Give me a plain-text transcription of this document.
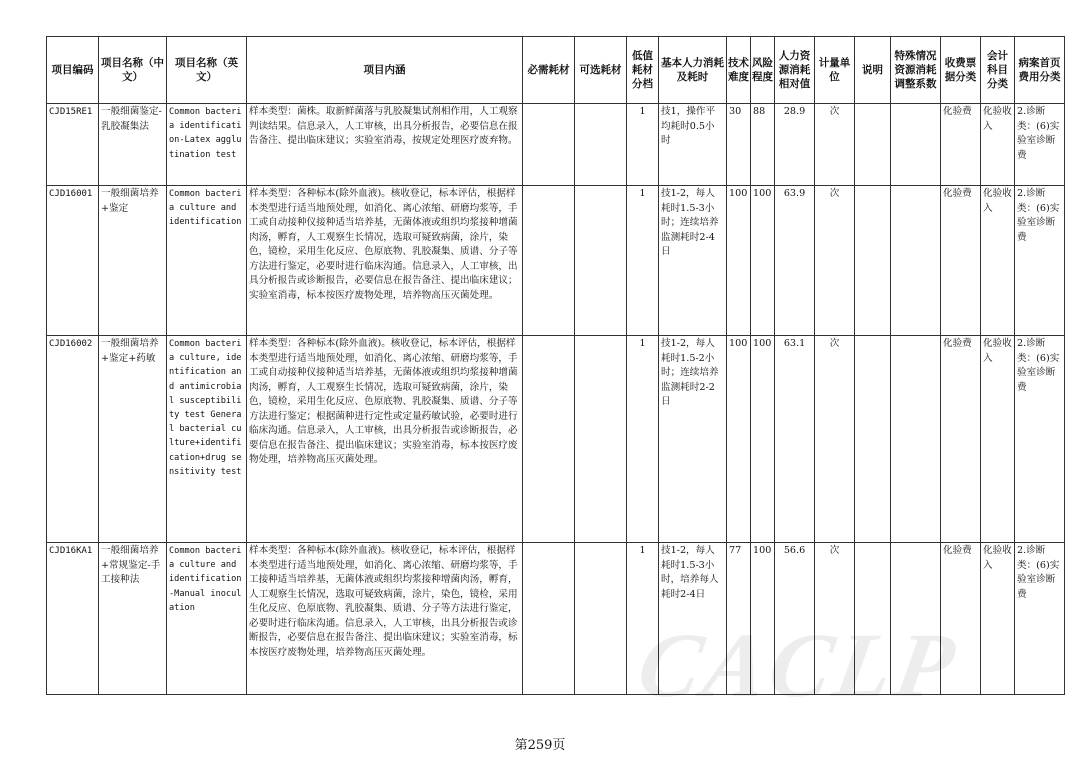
项目编码	项目名称（中文）	项目名称（英文）	项目内涵	必需耗材	可选耗材	低值耗材分档	基本人力消耗及耗时	技术难度	风险程度	人力资源消耗相对值	计量单位	说明	特殊情况资源消耗调整系数	收费票据分类	会计科目分类	病案首页费用分类
CJD15RE1	一般细菌鉴定-乳胶凝集法	Common bacteria identification-Latex agglutination test	样本类型：菌株。取新鲜菌落与乳胶凝集试剂相作用，人工观察判读结果。信息录入，人工审核，出具分析报告，必要信息在报告备注、提出临床建议；实验室消毒，按规定处理医疗废弃物。			1	技1，操作平均耗时0.5小时	30	88	28.9	次			化验费	化验收入	2.诊断类：(6)实验室诊断费
CJD16001	一般细菌培养+鉴定	Common bacteria culture and identification	样本类型：各种标本(除外血液)。核收登记，标本评估，根据样本类型进行适当地预处理，如消化、离心浓缩、研磨均浆等，手工或自动接种仪接种适当培养基，无菌体液或组织均浆接种增菌肉汤，孵育，人工观察生长情况，选取可疑致病菌，涂片，染色，镜检，采用生化反应、色原底物、乳胶凝集、质谱、分子等方法进行鉴定，必要时进行临床沟通。信息录入，人工审核，出具分析报告或诊断报告，必要信息在报告备注、提出临床建议；实验室消毒，标本按医疗废物处理，培养物高压灭菌处理。			1	技1-2，每人耗时1.5-3小时；连续培养监测耗时2-4日	100	100	63.9	次			化验费	化验收入	2.诊断类：(6)实验室诊断费
CJD16002	一般细菌培养+鉴定+药敏	Common bacteria culture, identification and antimicrobial susceptibility test General bacterial culture+identification+drug sensitivity test	样本类型：各种标本(除外血液)。核收登记，标本评估，根据样本类型进行适当地预处理，如消化、离心浓缩、研磨均浆等，手工或自动接种仪接种适当培养基，无菌体液或组织均浆接种增菌肉汤，孵育，人工观察生长情况，选取可疑致病菌，涂片，染色，镜检，采用生化反应、色原底物、乳胶凝集、质谱、分子等方法进行鉴定；根据菌种进行定性或定量药敏试验，必要时进行临床沟通。信息录入，人工审核，出具分析报告或诊断报告，必要信息在报告备注、提出临床建议；实验室消毒，标本按医疗废物处理，培养物高压灭菌处理。			1	技1-2，每人耗时1.5-2小时；连续培养监测耗时2-2日	100	100	63.1	次			化验费	化验收入	2.诊断类：(6)实验室诊断费
CJD16KA1	一般细菌培养+常规鉴定-手工接种法	Common bacteria culture and identification-Manual inoculation	样本类型：各种标本(除外血液)。核收登记，标本评估，根据样本类型进行适当地预处理，如消化、离心浓缩、研磨均浆等，手工接种适当培养基，无菌体液或组织均浆接种增菌肉汤，孵育，人工观察生长情况，选取可疑致病菌，涂片，染色，镜检，采用生化反应、色原底物、乳胶凝集、质谱、分子等方法进行鉴定，必要时进行临床沟通。信息录入，人工审核，出具分析报告或诊断报告，必要信息在报告备注、提出临床建议；实验室消毒，标本按医疗废物处理，培养物高压灭菌处理。			1	技1-2，每人耗时1.5-3小时，培养每人耗时2-4日	77	100	56.6	次			化验费	化验收入	2.诊断类：(6)实验室诊断费
CACLP
第259页
